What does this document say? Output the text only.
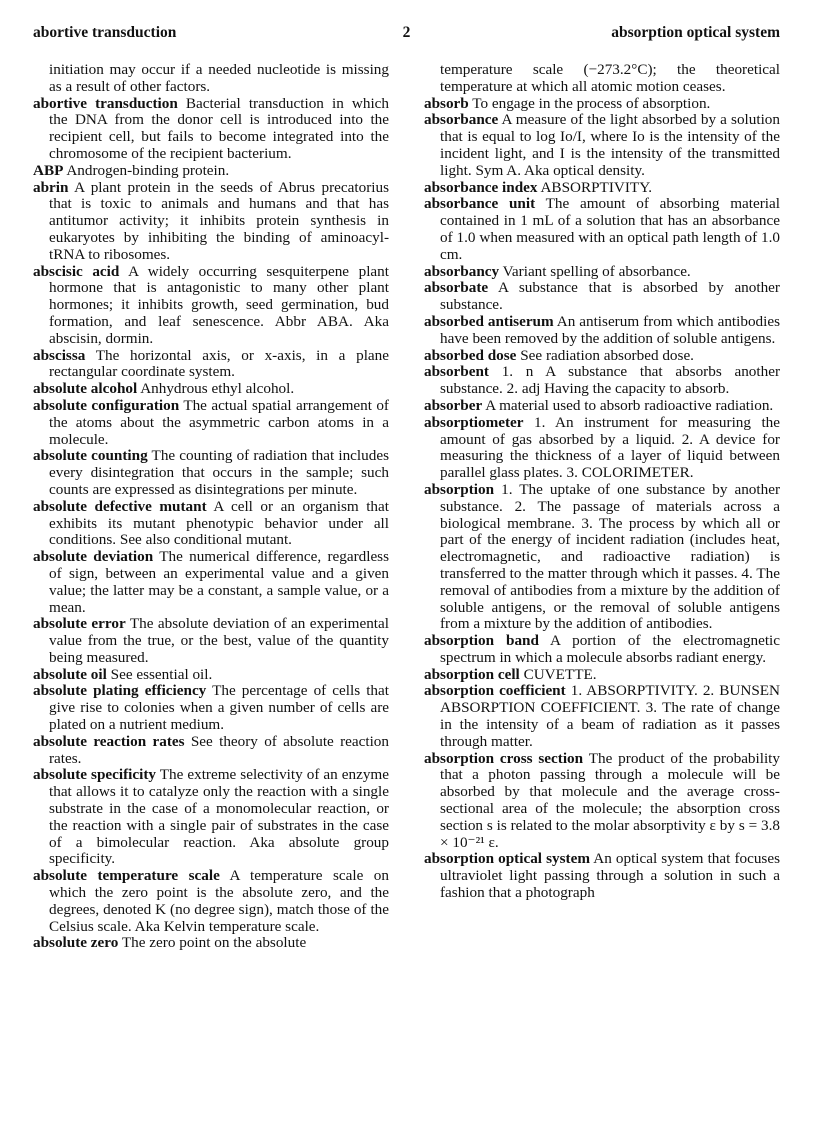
abortive transduction	2	absorption optical system

initiation may occur if a needed nucleotide is missing as a result of other factors.

abortive transduction Bacterial transduction in which the DNA from the donor cell is introduced into the recipient cell, but fails to become integrated into the chromosome of the recipient bacterium.

ABP Androgen-binding protein.

abrin A plant protein in the seeds of Abrus precatorius that is toxic to animals and humans and that has antitumor activity; it inhibits protein synthesis in eukaryotes by inhibiting the binding of aminoacyl-tRNA to ribosomes.

abscisic acid A widely occurring sesquiterpene plant hormone that is antagonistic to many other plant hormones; it inhibits growth, seed germination, bud formation, and leaf senescence. Abbr ABA. Aka abscisin, dormin.

abscissa The horizontal axis, or x-axis, in a plane rectangular coordinate system.

absolute alcohol Anhydrous ethyl alcohol.

absolute configuration The actual spatial arrangement of the atoms about the asymmetric carbon atoms in a molecule.

absolute counting The counting of radiation that includes every disintegration that occurs in the sample; such counts are expressed as disintegrations per minute.

absolute defective mutant A cell or an organism that exhibits its mutant phenotypic behavior under all conditions. See also conditional mutant.

absolute deviation The numerical difference, regardless of sign, between an experimental value and a given value; the latter may be a constant, a sample value, or a mean.

absolute error The absolute deviation of an experimental value from the true, or the best, value of the quantity being measured.

absolute oil See essential oil.

absolute plating efficiency The percentage of cells that give rise to colonies when a given number of cells are plated on a nutrient medium.

absolute reaction rates See theory of absolute reaction rates.

absolute specificity The extreme selectivity of an enzyme that allows it to catalyze only the reaction with a single substrate in the case of a monomolecular reaction, or the reaction with a single pair of substrates in the case of a bimolecular reaction. Aka absolute group specificity.

absolute temperature scale A temperature scale on which the zero point is the absolute zero, and the degrees, denoted K (no degree sign), match those of the Celsius scale. Aka Kelvin temperature scale.

absolute zero The zero point on the absolute

temperature scale (−273.2°C); the theoretical temperature at which all atomic motion ceases.

absorb To engage in the process of absorption.

absorbance A measure of the light absorbed by a solution that is equal to log Io/I, where Io is the intensity of the incident light, and I is the intensity of the transmitted light. Sym A. Aka optical density.

absorbance index ABSORPTIVITY.

absorbance unit The amount of absorbing material contained in 1 mL of a solution that has an absorbance of 1.0 when measured with an optical path length of 1.0 cm.

absorbancy Variant spelling of absorbance.

absorbate A substance that is absorbed by another substance.

absorbed antiserum An antiserum from which antibodies have been removed by the addition of soluble antigens.

absorbed dose See radiation absorbed dose.

absorbent 1. n A substance that absorbs another substance. 2. adj Having the capacity to absorb.

absorber A material used to absorb radioactive radiation.

absorptiometer 1. An instrument for measuring the amount of gas absorbed by a liquid. 2. A device for measuring the thickness of a layer of liquid between parallel glass plates. 3. COLORIMETER.

absorption 1. The uptake of one substance by another substance. 2. The passage of materials across a biological membrane. 3. The process by which all or part of the energy of incident radiation (includes heat, electromagnetic, and radioactive radiation) is transferred to the matter through which it passes. 4. The removal of antibodies from a mixture by the addition of soluble antigens, or the removal of soluble antigens from a mixture by the addition of antibodies.

absorption band A portion of the electromagnetic spectrum in which a molecule absorbs radiant energy.

absorption cell CUVETTE.

absorption coefficient 1. ABSORPTIVITY. 2. BUNSEN ABSORPTION COEFFICIENT. 3. The rate of change in the intensity of a beam of radiation as it passes through matter.

absorption cross section The product of the probability that a photon passing through a molecule will be absorbed by that molecule and the average cross-sectional area of the molecule; the absorption cross section s is related to the molar absorptivity ε by s = 3.8 × 10⁻²¹ ε.

absorption optical system An optical system that focuses ultraviolet light passing through a solution in such a fashion that a photograph
